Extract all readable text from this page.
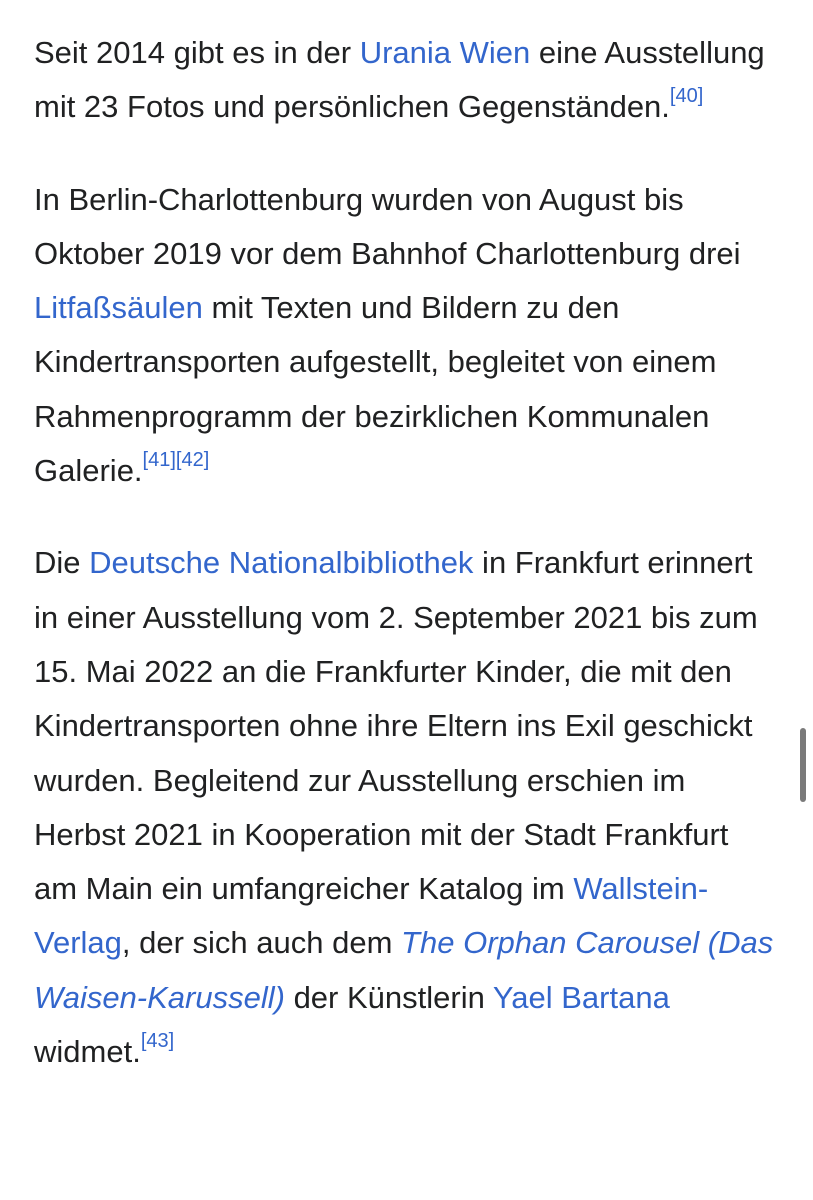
Seit 2014 gibt es in der Urania Wien eine Ausstellung mit 23 Fotos und persönlichen Gegenständen.[40]

In Berlin-Charlottenburg wurden von August bis Oktober 2019 vor dem Bahnhof Charlottenburg drei Litfaßsäulen mit Texten und Bildern zu den Kindertransporten aufgestellt, begleitet von einem Rahmenprogramm der bezirklichen Kommunalen Galerie.[41][42]

Die Deutsche Nationalbibliothek in Frankfurt erinnert in einer Ausstellung vom 2. September 2021 bis zum 15. Mai 2022 an die Frankfurter Kinder, die mit den Kindertransporten ohne ihre Eltern ins Exil geschickt wurden. Begleitend zur Ausstellung erschien im Herbst 2021 in Kooperation mit der Stadt Frankfurt am Main ein umfangreicher Katalog im Wallstein-Verlag, der sich auch dem The Orphan Carousel (Das Waisen-Karussell) der Künstlerin Yael Bartana widmet.[43]
